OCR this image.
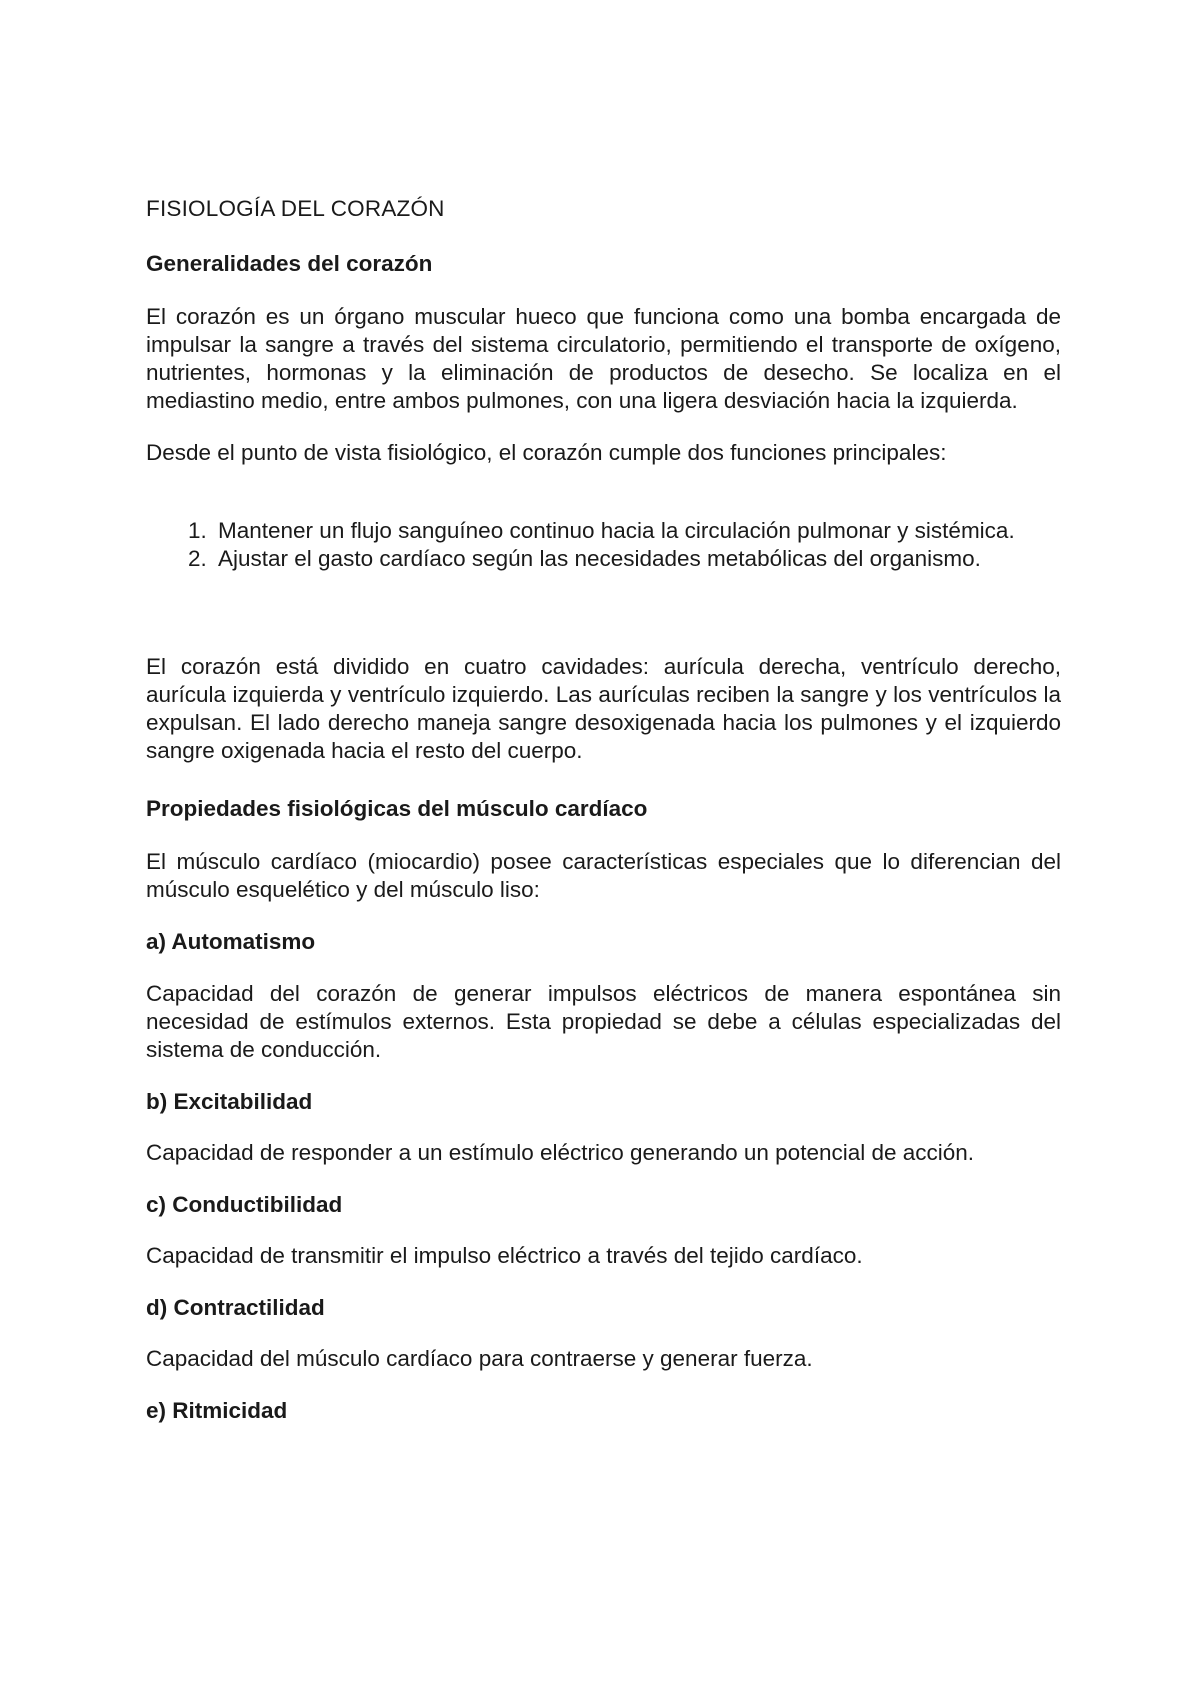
FISIOLOGÍA DEL CORAZÓN
Generalidades del corazón

El corazón es un órgano muscular hueco que funciona como una bomba encargada de impulsar la sangre a través del sistema circulatorio, permitiendo el transporte de oxígeno, nutrientes, hormonas y la eliminación de productos de desecho. Se localiza en el mediastino medio, entre ambos pulmones, con una ligera desviación hacia la izquierda.

Desde el punto de vista fisiológico, el corazón cumple dos funciones principales:

1. Mantener un flujo sanguíneo continuo hacia la circulación pulmonar y sistémica.
2. Ajustar el gasto cardíaco según las necesidades metabólicas del organismo.

El corazón está dividido en cuatro cavidades: aurícula derecha, ventrículo derecho, aurícula izquierda y ventrículo izquierdo. Las aurículas reciben la sangre y los ventrículos la expulsan. El lado derecho maneja sangre desoxigenada hacia los pulmones y el izquierdo sangre oxigenada hacia el resto del cuerpo.

Propiedades fisiológicas del músculo cardíaco

El músculo cardíaco (miocardio) posee características especiales que lo diferencian del músculo esquelético y del músculo liso:

a) Automatismo

Capacidad del corazón de generar impulsos eléctricos de manera espontánea sin necesidad de estímulos externos. Esta propiedad se debe a células especializadas del sistema de conducción.

b) Excitabilidad

Capacidad de responder a un estímulo eléctrico generando un potencial de acción.

c) Conductibilidad

Capacidad de transmitir el impulso eléctrico a través del tejido cardíaco.

d) Contractilidad

Capacidad del músculo cardíaco para contraerse y generar fuerza.

e) Ritmicidad
